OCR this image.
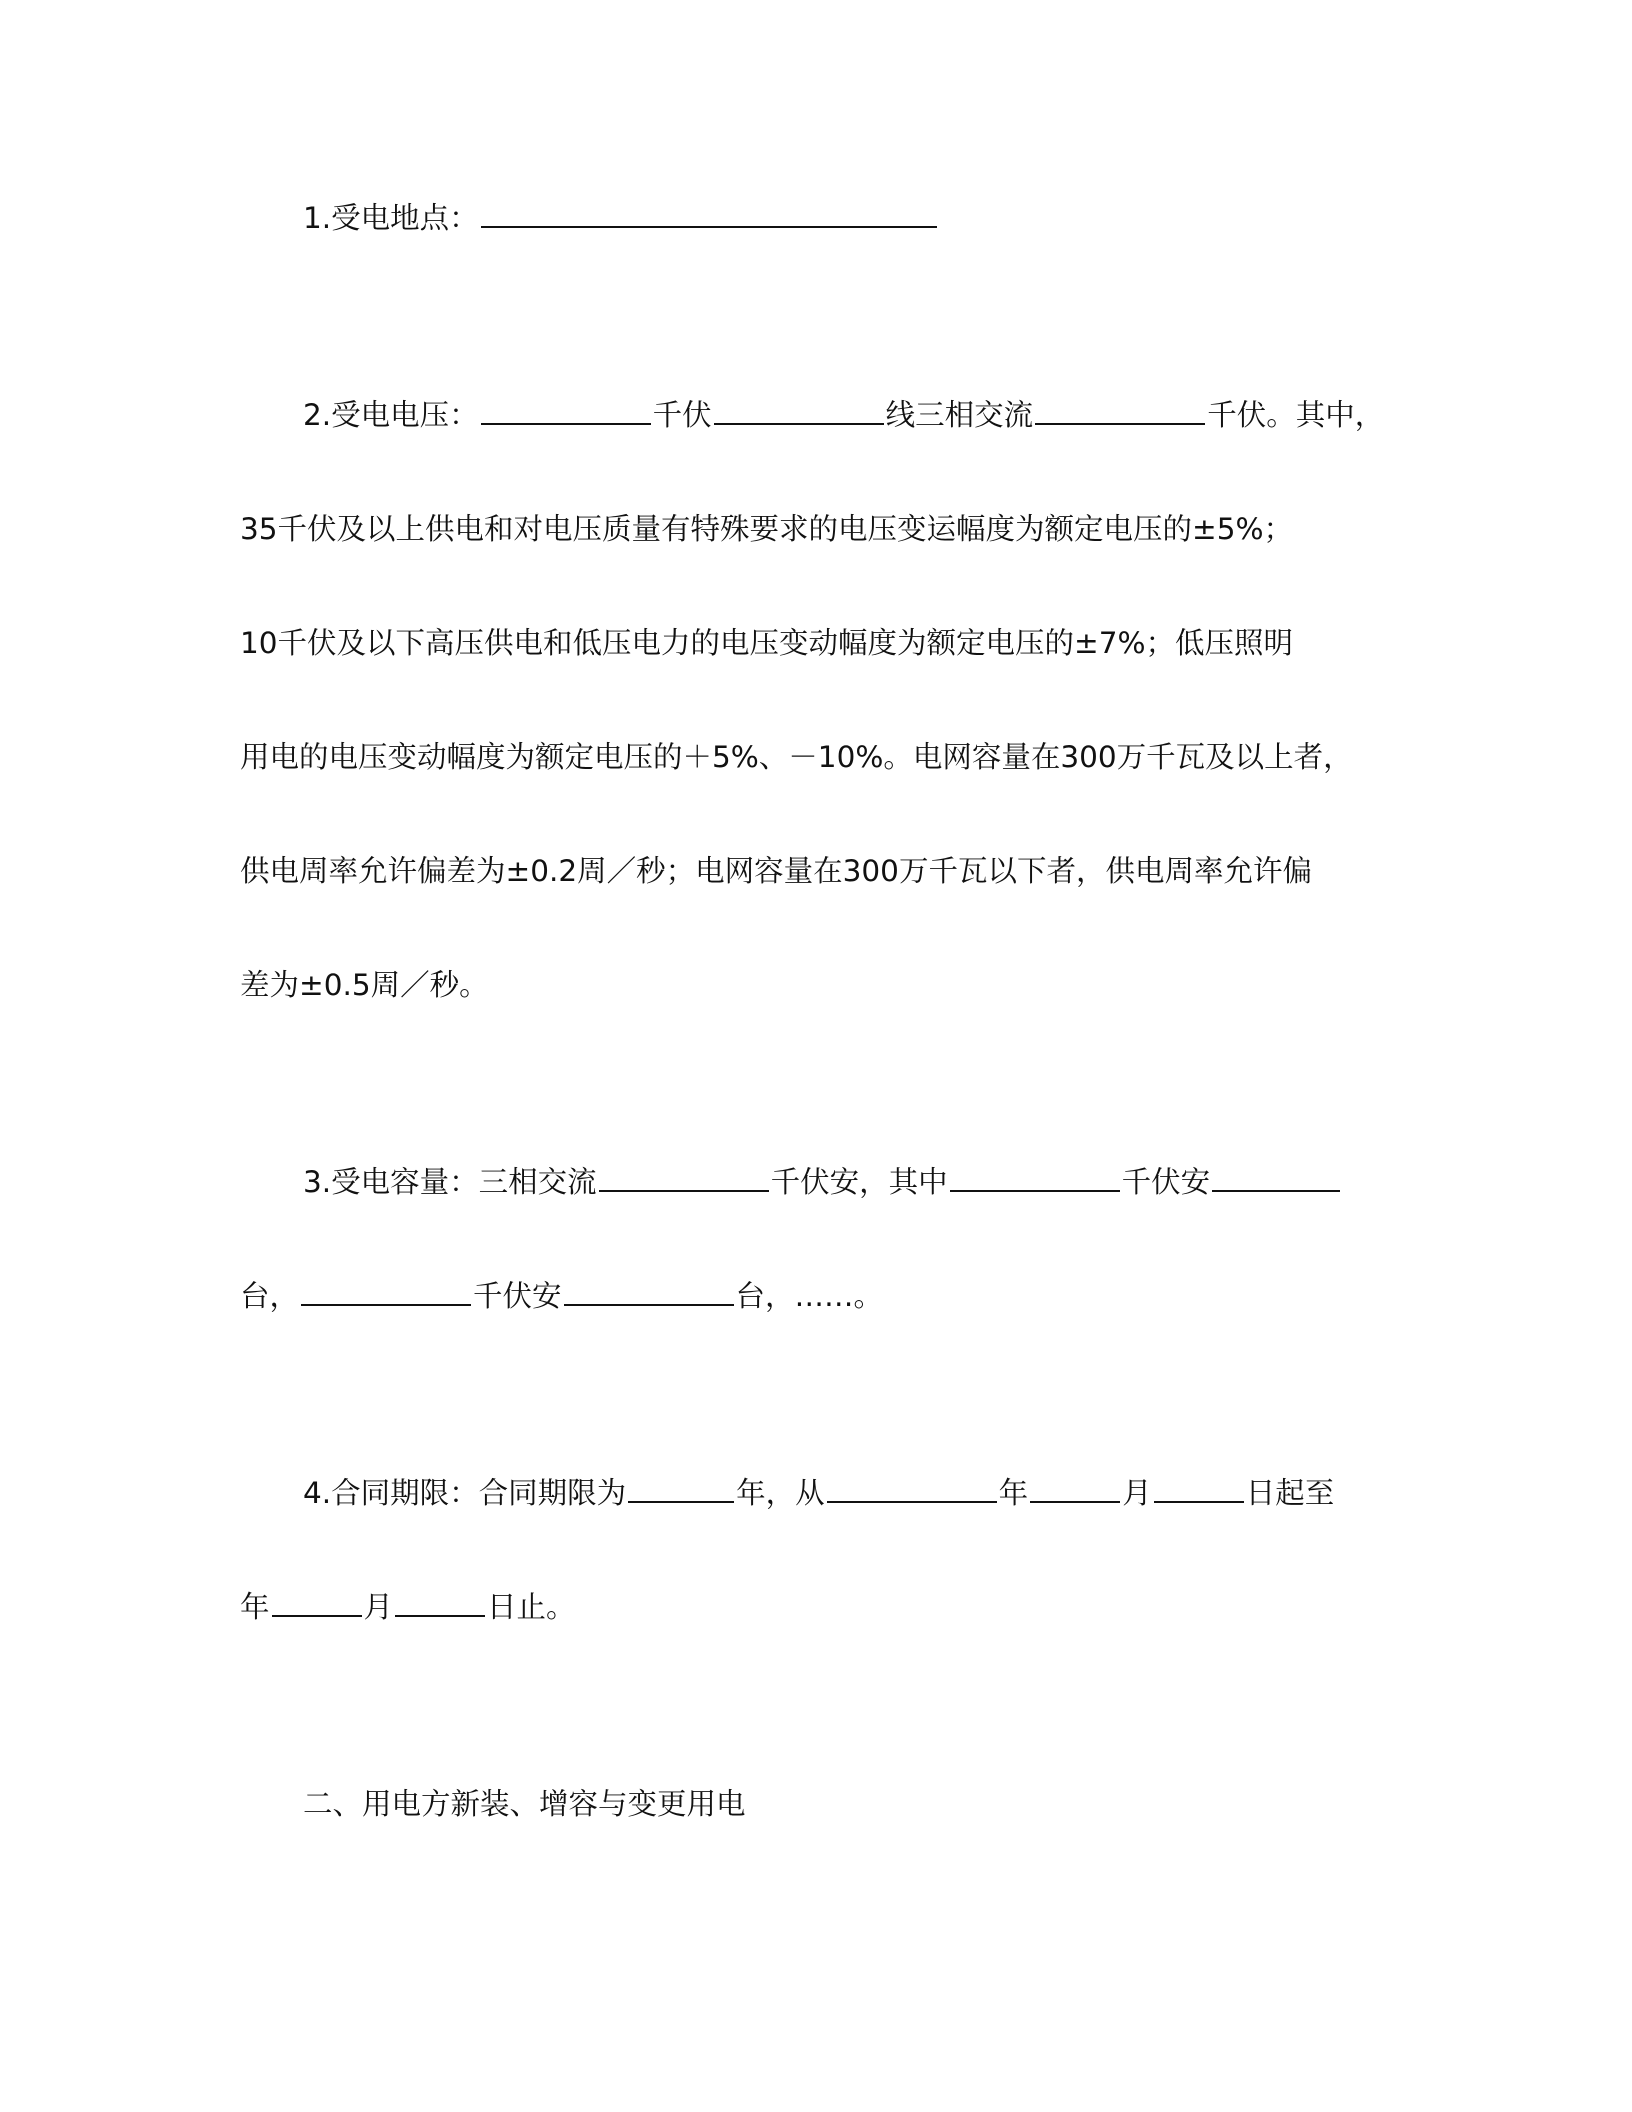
1.受电地点：
2.受电电压：	千伏	线三相交流	千伏。其中，
35千伏及以上供电和对电压质量有特殊要求的电压变运幅度为额定电压的±5%；
10千伏及以下高压供电和低压电力的电压变动幅度为额定电压的±7%；低压照明
用电的电压变动幅度为额定电压的＋5%、－10%。电网容量在300万千瓦及以上者，
供电周率允许偏差为±0.2周／秒；电网容量在300万千瓦以下者，供电周率允许偏
差为±0.5周／秒。
3.受电容量：三相交流	千伏安，其中	千伏安
台，	千伏安	台，……。
4.合同期限：合同期限为	年，从	年	月	日起至
年	月	日止。
二、用电方新装、增容与变更用电
